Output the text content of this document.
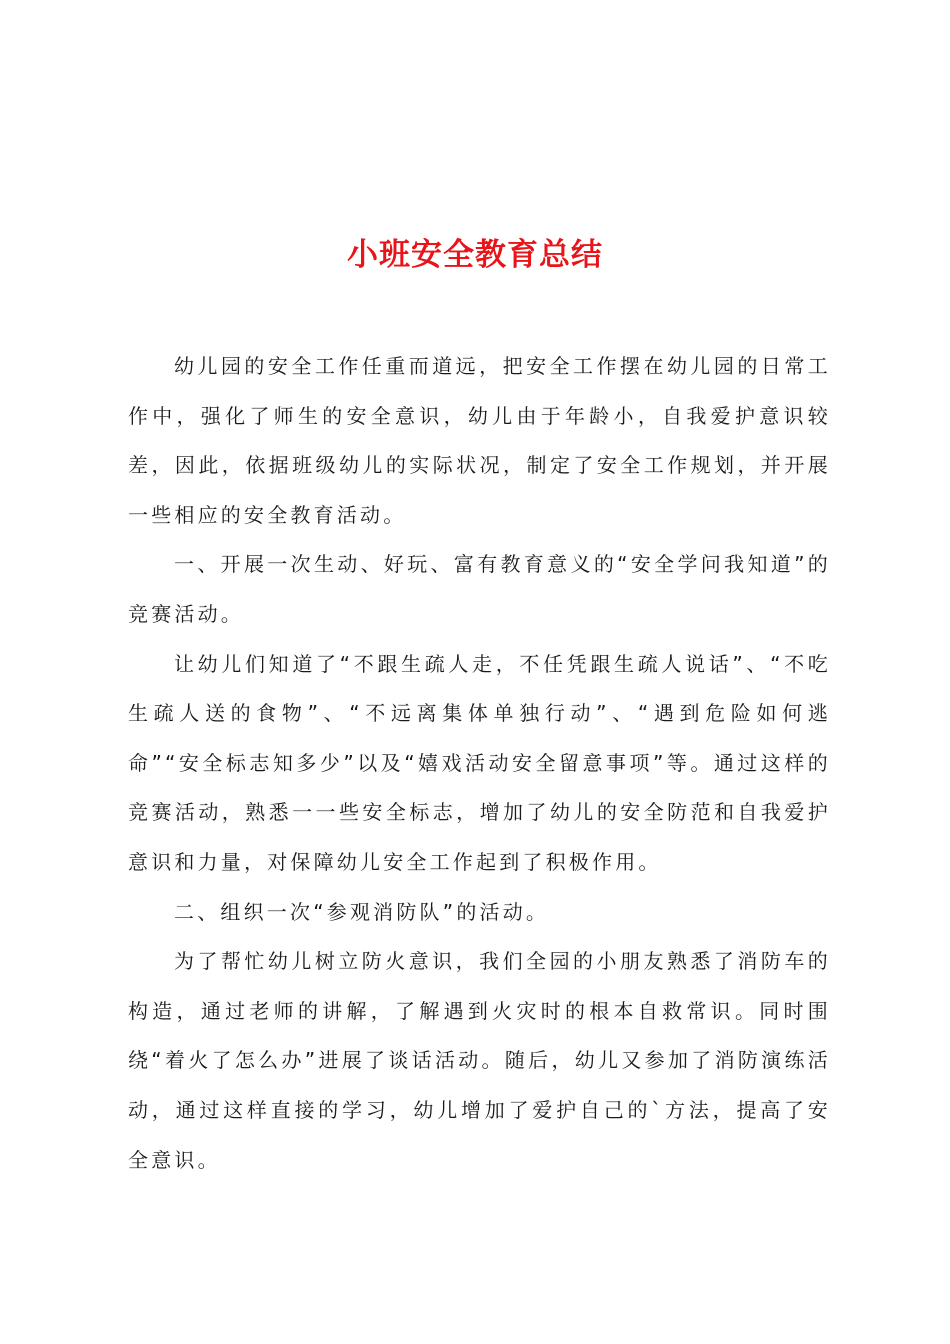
小班安全教育总结

幼儿园的安全工作任重而道远，把安全工作摆在幼儿园的日常工作中，强化了师生的安全意识，幼儿由于年龄小，自我爱护意识较差，因此，依据班级幼儿的实际状况，制定了安全工作规划，并开展一些相应的安全教育活动。

一、开展一次生动、好玩、富有教育意义的“安全学问我知道”的竞赛活动。

让幼儿们知道了“不跟生疏人走，不任凭跟生疏人说话”、“不吃生疏人送的食物”、“不远离集体单独行动”、“遇到危险如何逃命”“安全标志知多少”以及“嬉戏活动安全留意事项”等。通过这样的竞赛活动，熟悉一一些安全标志，增加了幼儿的安全防范和自我爱护意识和力量，对保障幼儿安全工作起到了积极作用。

二、组织一次“参观消防队”的活动。

为了帮忙幼儿树立防火意识，我们全园的小朋友熟悉了消防车的构造，通过老师的讲解，了解遇到火灾时的根本自救常识。同时围绕“着火了怎么办”进展了谈话活动。随后，幼儿又参加了消防演练活动，通过这样直接的学习，幼儿增加了爱护自己的`方法，提高了安全意识。
